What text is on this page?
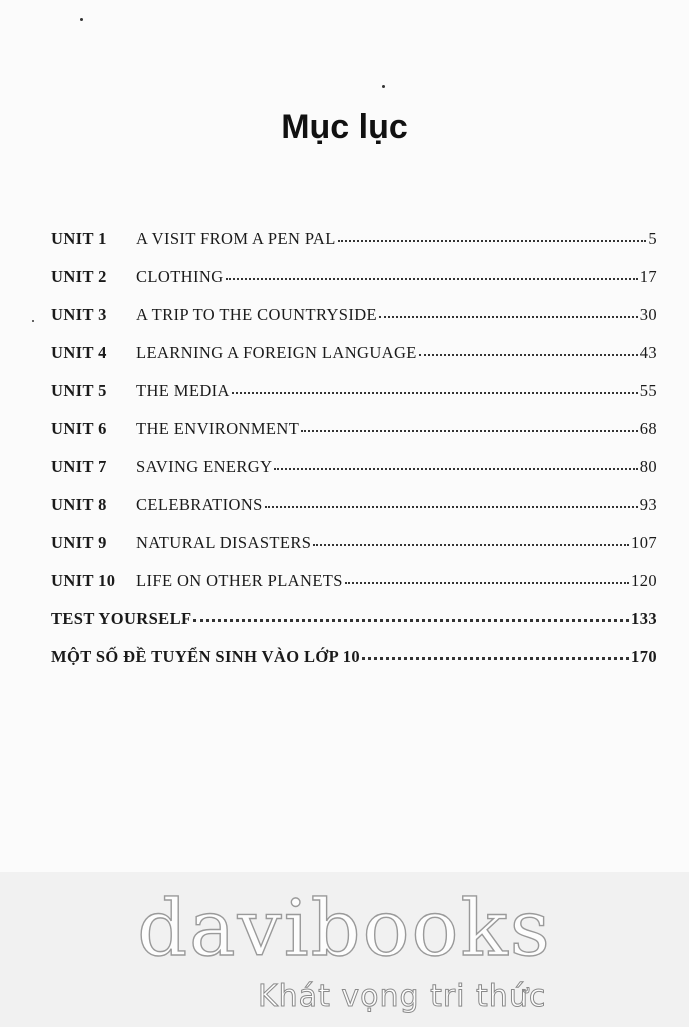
Mục lục
UNIT 1	A VISIT FROM A PEN PAL	5
UNIT 2	CLOTHING	17
UNIT 3	A TRIP TO THE COUNTRYSIDE	30
UNIT 4	LEARNING A FOREIGN LANGUAGE	43
UNIT 5	THE MEDIA	55
UNIT 6	THE ENVIRONMENT	68
UNIT 7	SAVING ENERGY	80
UNIT 8	CELEBRATIONS	93
UNIT 9	NATURAL DISASTERS	107
UNIT 10	LIFE ON OTHER PLANETS	120
TEST YOURSELF	133
MỘT SỐ ĐỀ TUYỂN SINH VÀO LỚP 10	170
davibooks
Khát vọng tri thức
